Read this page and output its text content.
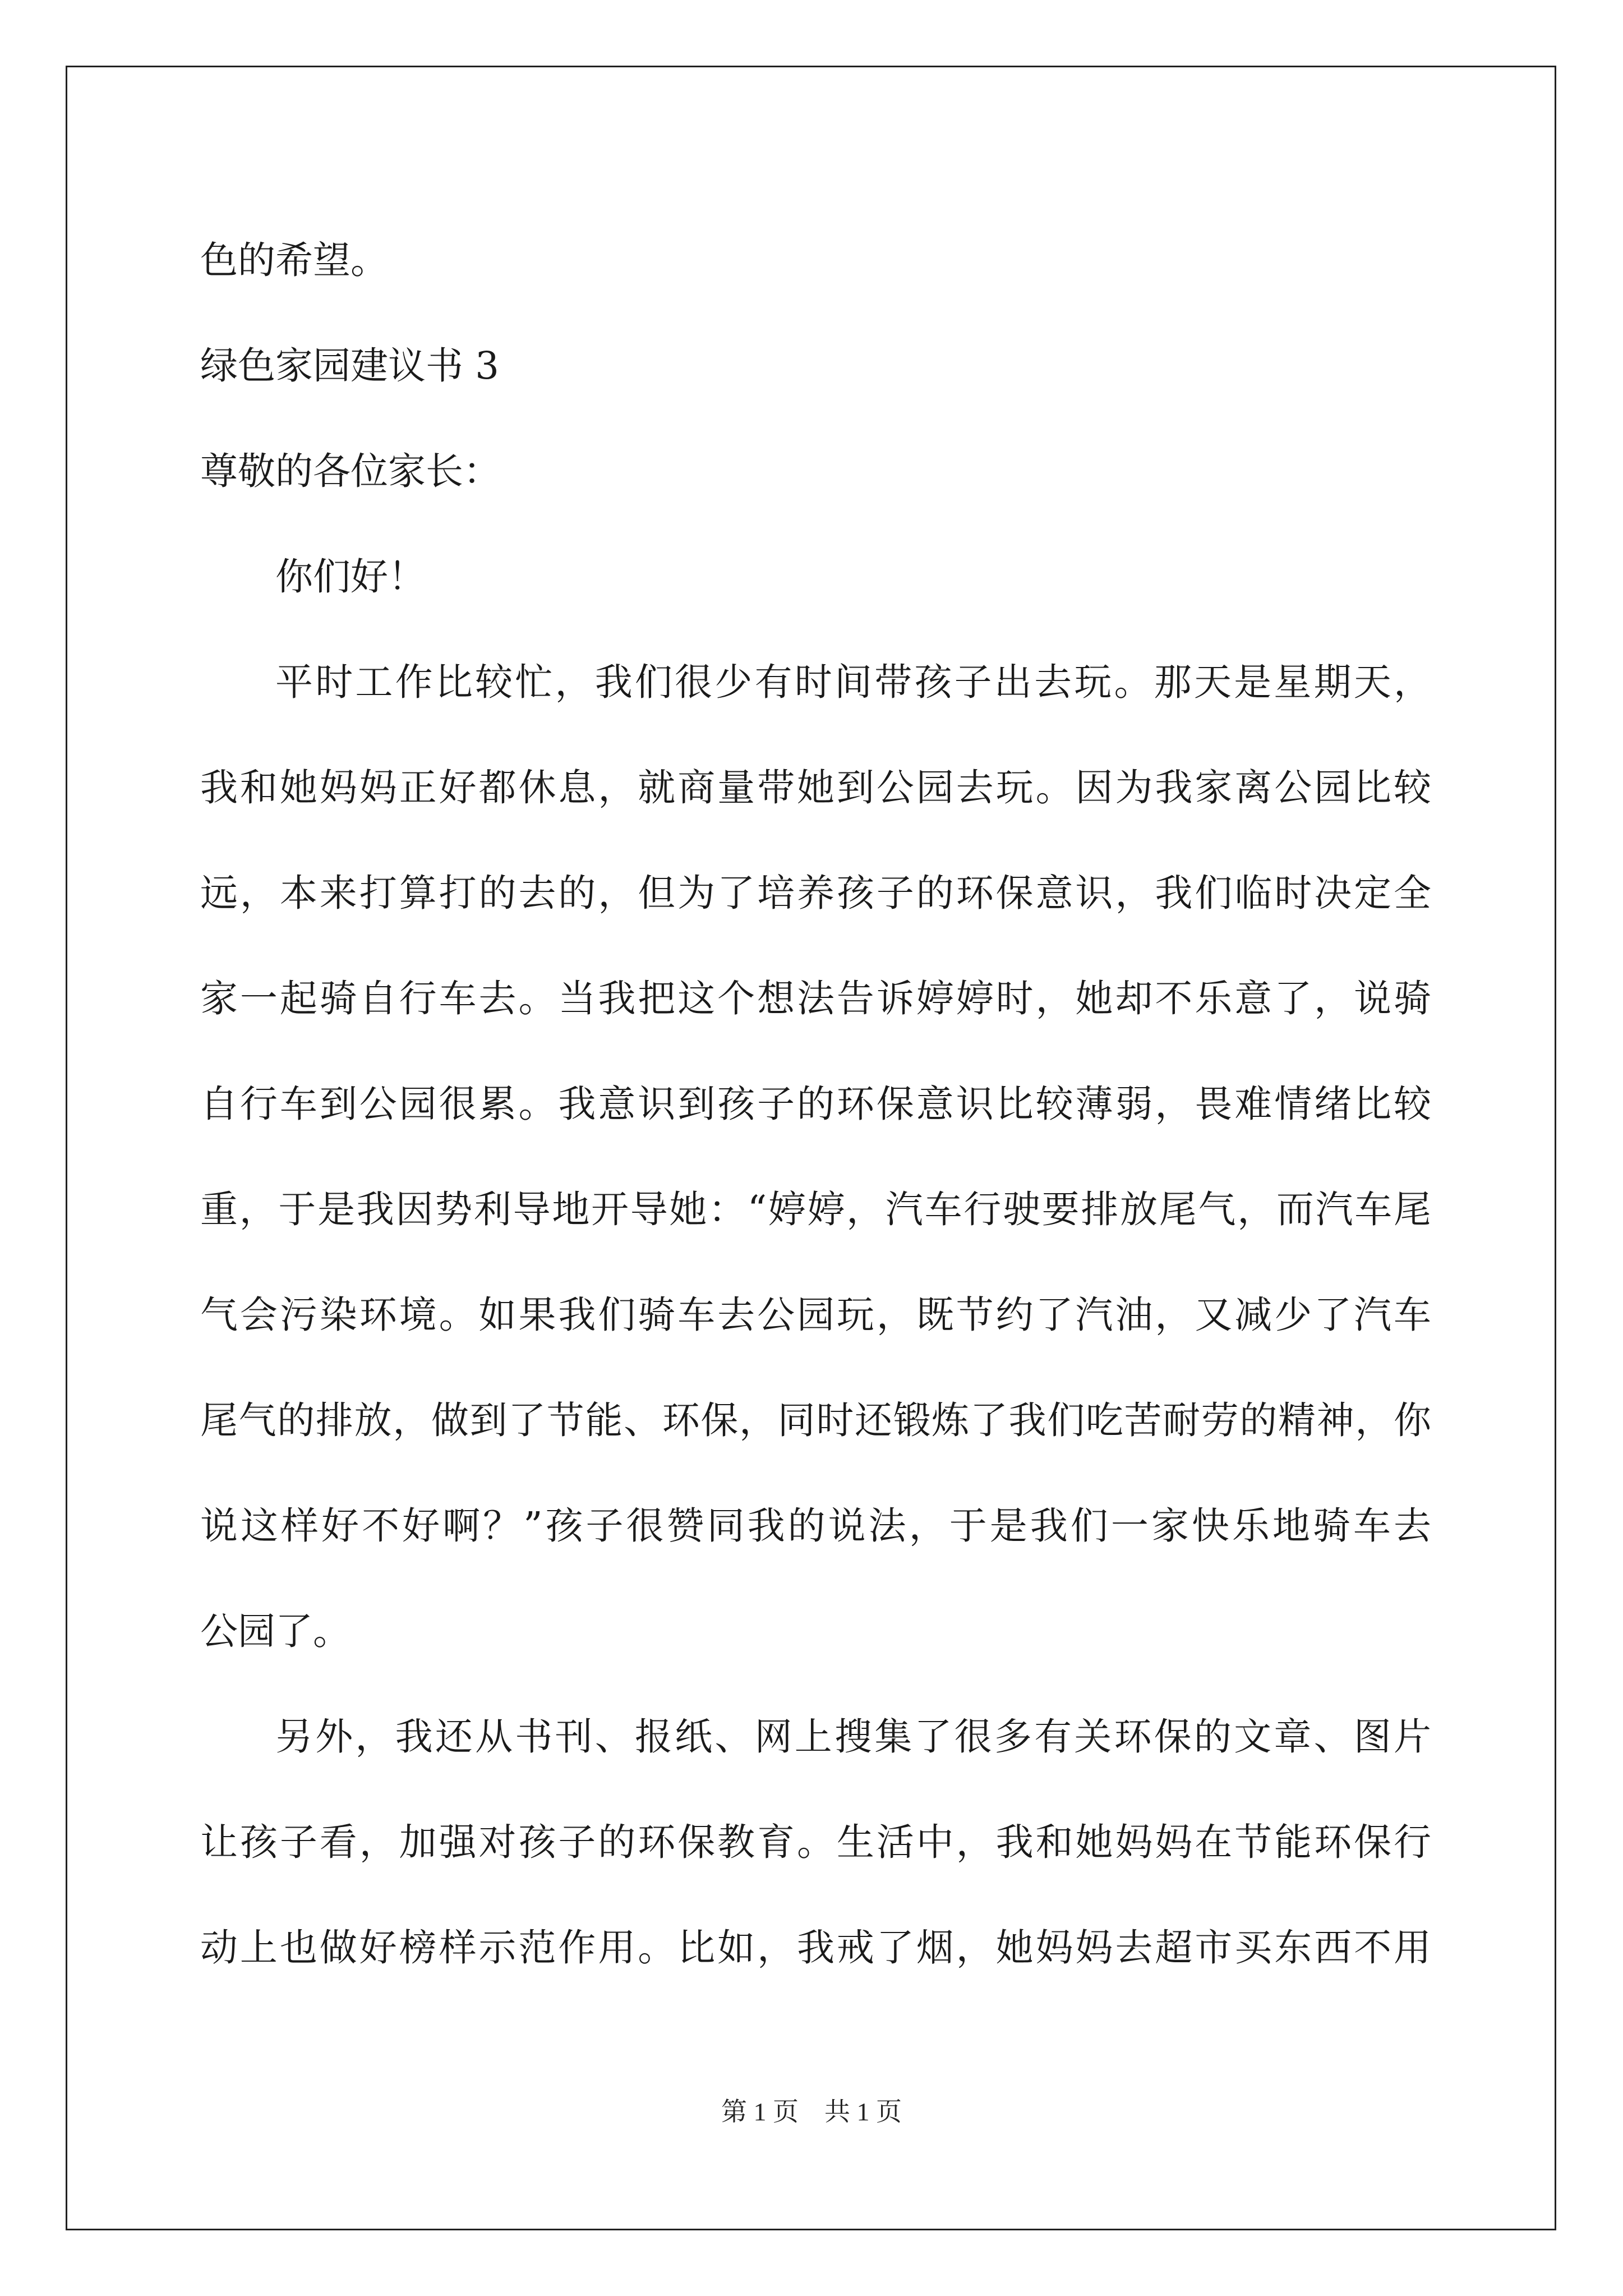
色的希望。

绿色家园建议书 3

尊敬的各位家长：

你们好！

平时工作比较忙，我们很少有时间带孩子出去玩。那天是星期天，

我和她妈妈正好都休息，就商量带她到公园去玩。因为我家离公园比较

远，本来打算打的去的，但为了培养孩子的环保意识，我们临时决定全

家一起骑自行车去。当我把这个想法告诉婷婷时，她却不乐意了，说骑

自行车到公园很累。我意识到孩子的环保意识比较薄弱，畏难情绪比较

重，于是我因势利导地开导她：“婷婷，汽车行驶要排放尾气，而汽车尾

气会污染环境。如果我们骑车去公园玩，既节约了汽油，又减少了汽车

尾气的排放，做到了节能、环保，同时还锻炼了我们吃苦耐劳的精神，你

说这样好不好啊？”孩子很赞同我的说法，于是我们一家快乐地骑车去

公园了。

另外，我还从书刊、报纸、网上搜集了很多有关环保的文章、图片

让孩子看，加强对孩子的环保教育。生活中，我和她妈妈在节能环保行

动上也做好榜样示范作用。比如，我戒了烟，她妈妈去超市买东西不用

第 1 页 共 1 页
